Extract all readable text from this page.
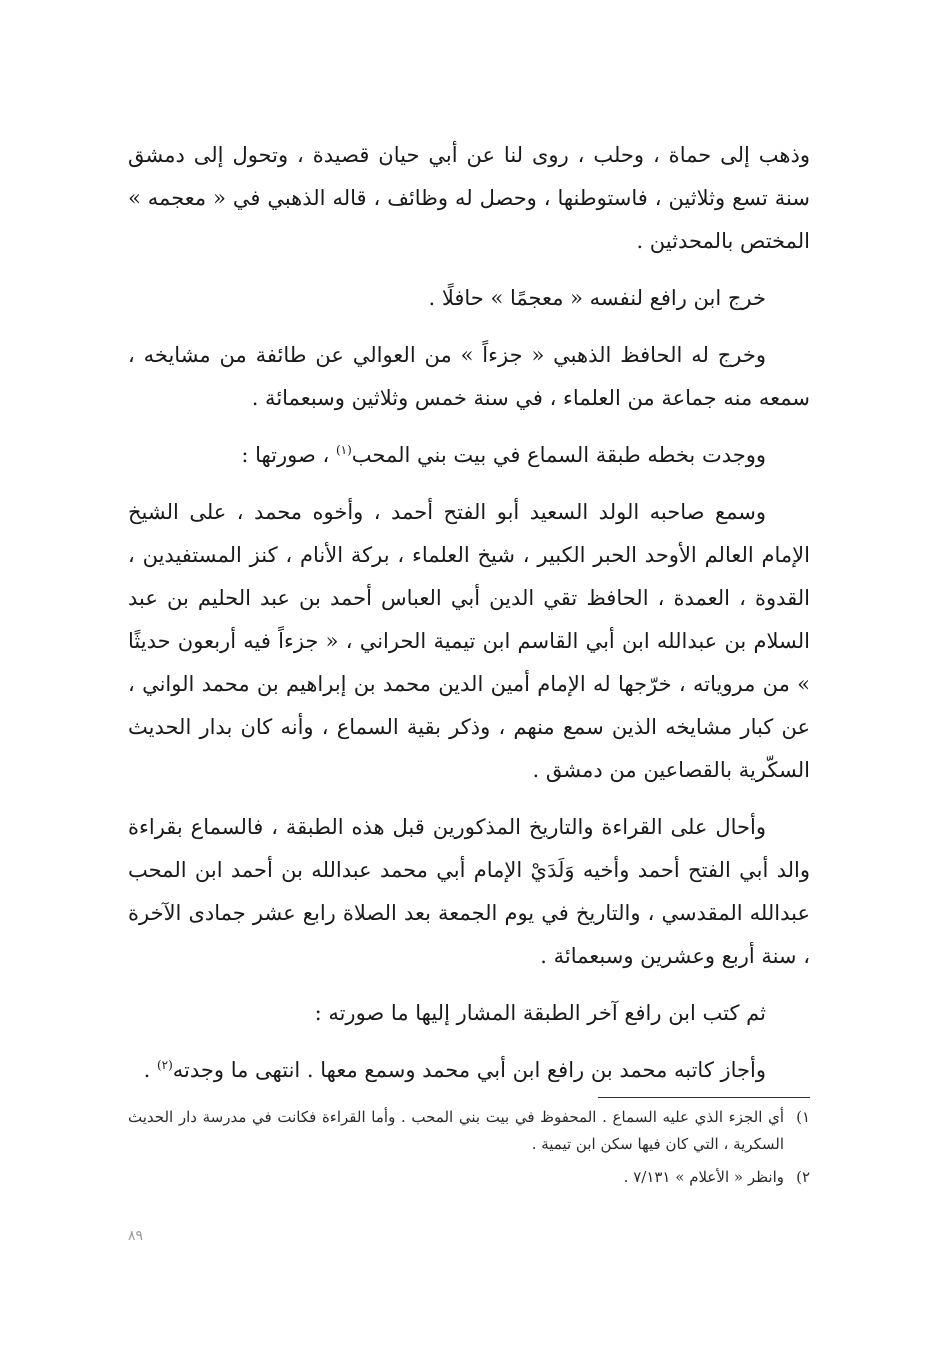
وذهب إلى حماة ، وحلب ، روى لنا عن أبي حيان قصيدة ، وتحول إلى دمشق سنة تسع وثلاثين ، فاستوطنها ، وحصل له وظائف ، قاله الذهبي في « معجمه » المختص بالمحدثين .

خرج ابن رافع لنفسه « معجمًا » حافلًا .

وخرج له الحافظ الذهبي « جزءاً » من العوالي عن طائفة من مشايخه ، سمعه منه جماعة من العلماء ، في سنة خمس وثلاثين وسبعمائة .

ووجدت بخطه طبقة السماع في بيت بني المحب$^{(١)}$ ، صورتها :

وسمع صاحبه الولد السعيد أبو الفتح أحمد ، وأخوه محمد ، على الشيخ الإمام العالم الأوحد الحبر الكبير ، شيخ العلماء ، بركة الأنام ، كنز المستفيدين ، القدوة ، العمدة ، الحافظ تقي الدين أبي العباس أحمد بن عبد الحليم بن عبد السلام بن عبدالله ابن أبي القاسم ابن تيمية الحراني ، « جزءاً فيه أربعون حديثًا » من مروياته ، خرّجها له الإمام أمين الدين محمد بن إبراهيم بن محمد الواني ، عن كبار مشايخه الذين سمع منهم ، وذكر بقية السماع ، وأنه كان بدار الحديث السكّرية بالقصاعين من دمشق .

وأحال على القراءة والتاريخ المذكورين قبل هذه الطبقة ، فالسماع بقراءة والد أبي الفتح أحمد وأخيه وَلَدَيْ الإمام أبي محمد عبدالله بن أحمد ابن المحب عبدالله المقدسي ، والتاريخ في يوم الجمعة بعد الصلاة رابع عشر جمادى الآخرة ، سنة أربع وعشرين وسبعمائة .

ثم كتب ابن رافع آخر الطبقة المشار إليها ما صورته :

وأجاز كاتبه محمد بن رافع ابن أبي محمد وسمع معها . انتهى ما وجدته$^{(٢)}$ .

١)
أي الجزء الذي عليه السماع . المحفوظ في بيت بني المحب . وأما القراءة فكانت في مدرسة دار الحديث السكرية ، التي كان فيها سكن ابن تيمية .
٢)
وانظر « الأعلام » ٧/١٣١ .
٨٩
